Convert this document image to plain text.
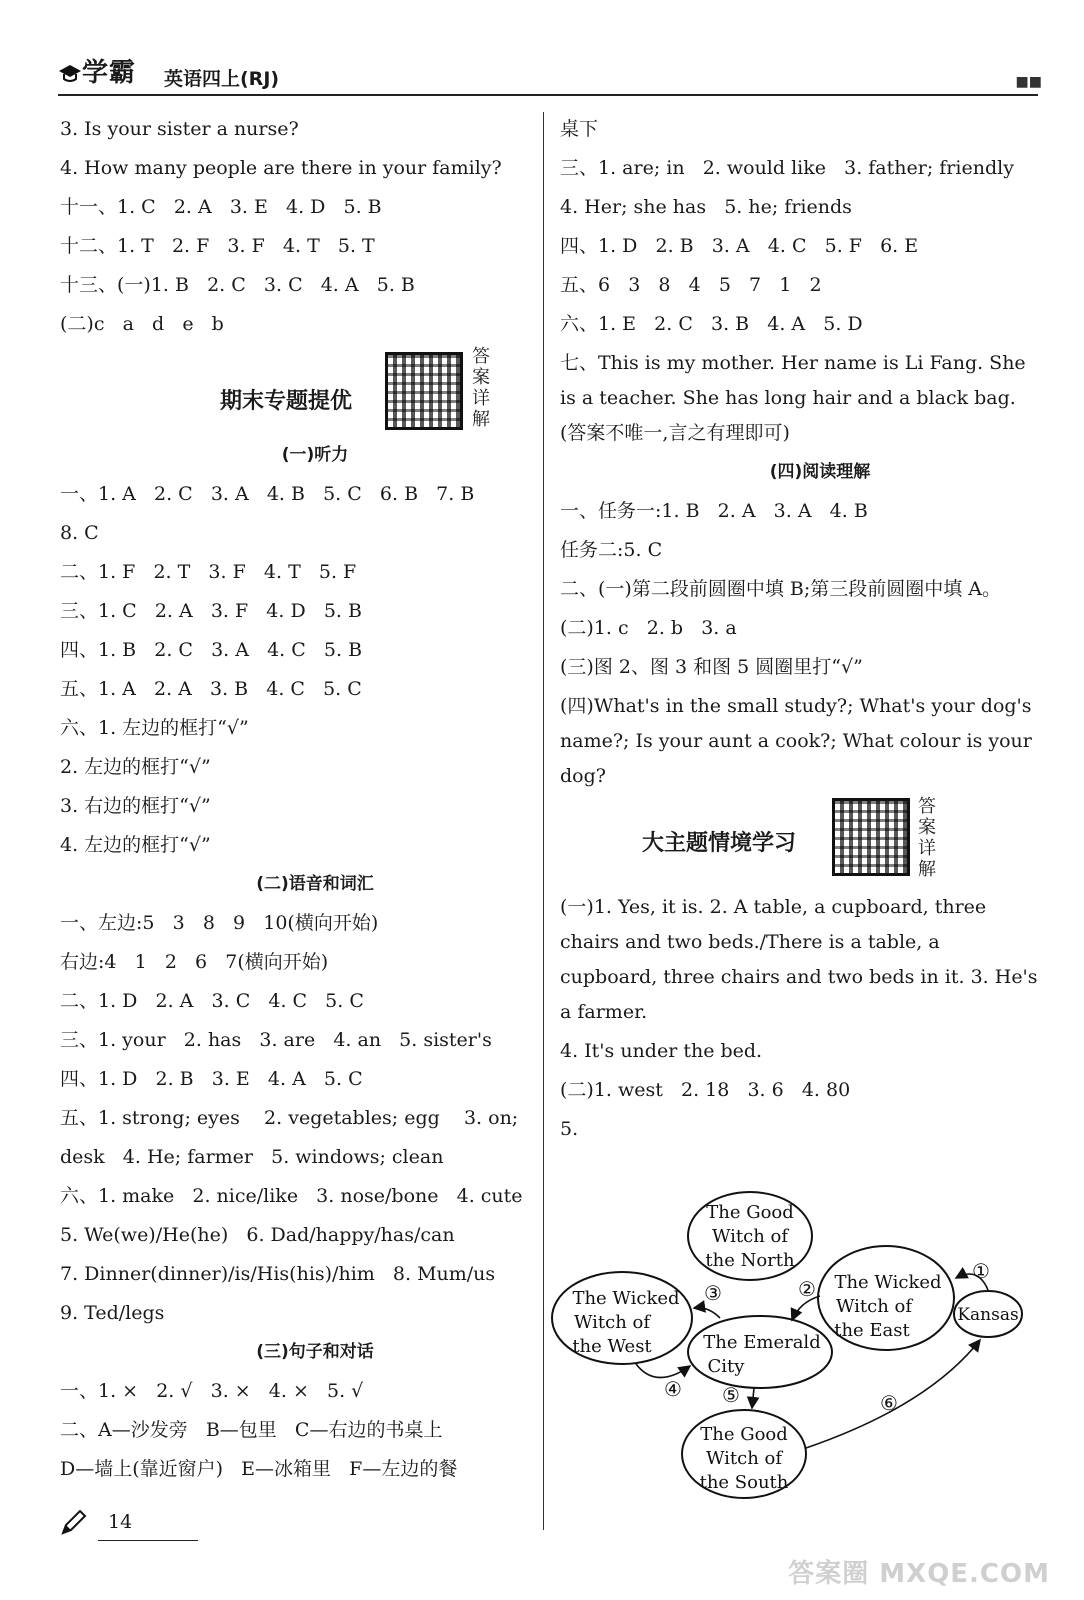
学霸 英语四上(RJ)	■■
3. Is your sister a nurse?
4. How many people are there in your family?
十一、1. C   2. A   3. E   4. D   5. B
十二、1. T   2. F   3. F   4. T   5. T
十三、(一)1. B   2. C   3. C   4. A   5. B
(二)c   a   d   e   b
期末专题提优
答案详解
(一)听力
一、1. A   2. C   3. A   4. B   5. C   6. B   7. B
8. C
二、1. F   2. T   3. F   4. T   5. F
三、1. C   2. A   3. F   4. D   5. B
四、1. B   2. C   3. A   4. C   5. B
五、1. A   2. A   3. B   4. C   5. C
六、1. 左边的框打“√”
2. 左边的框打“√”
3. 右边的框打“√”
4. 左边的框打“√”
(二)语音和词汇
一、左边:5   3   8   9   10(横向开始)
右边:4   1   2   6   7(横向开始)
二、1. D   2. A   3. C   4. C   5. C
三、1. your   2. has   3. are   4. an   5. sister's
四、1. D   2. B   3. E   4. A   5. C
五、1. strong; eyes    2. vegetables; egg    3. on;
desk   4. He; farmer   5. windows; clean
六、1. make   2. nice/like   3. nose/bone   4. cute
5. We(we)/He(he)   6. Dad/happy/has/can
7. Dinner(dinner)/is/His(his)/him   8. Mum/us
9. Ted/legs
(三)句子和对话
一、1. ×   2. √   3. ×   4. ×   5. √
二、A—沙发旁   B—包里   C—右边的书桌上
D—墙上(靠近窗户)   E—冰箱里   F—左边的餐
桌下
三、1. are; in   2. would like   3. father; friendly
4. Her; she has   5. he; friends
四、1. D   2. B   3. A   4. C   5. F   6. E
五、6   3   8   4   5   7   1   2
六、1. E   2. C   3. B   4. A   5. D
七、This is my mother. Her name is Li Fang. She is a teacher. She has long hair and a black bag.(答案不唯一,言之有理即可)
(四)阅读理解
一、任务一:1. B   2. A   3. A   4. B
任务二:5. C
二、(一)第二段前圆圈中填 B;第三段前圆圈中填 A。
(二)1. c   2. b   3. a
(三)图 2、图 3 和图 5 圆圈里打“√”
(四)What's in the small study?; What's your dog's name?; Is your aunt a cook?; What colour is your dog?
大主题情境学习
答案详解
(一)1. Yes, it is. 2. A table, a cupboard, three chairs and two beds./There is a table, a cupboard, three chairs and two beds in it. 3. He's a farmer.
4. It's under the bed.
(二)1. west   2. 18   3. 6   4. 80
5.
The Good
Witch of
the North
The Wicked
Witch of
the West	The Emerald
City
The Wicked
Witch of
the East
Kansas
The Good
Witch of
the South
①
②
③
④ ⑤	⑥
14
答案圈 MXQE.COM
